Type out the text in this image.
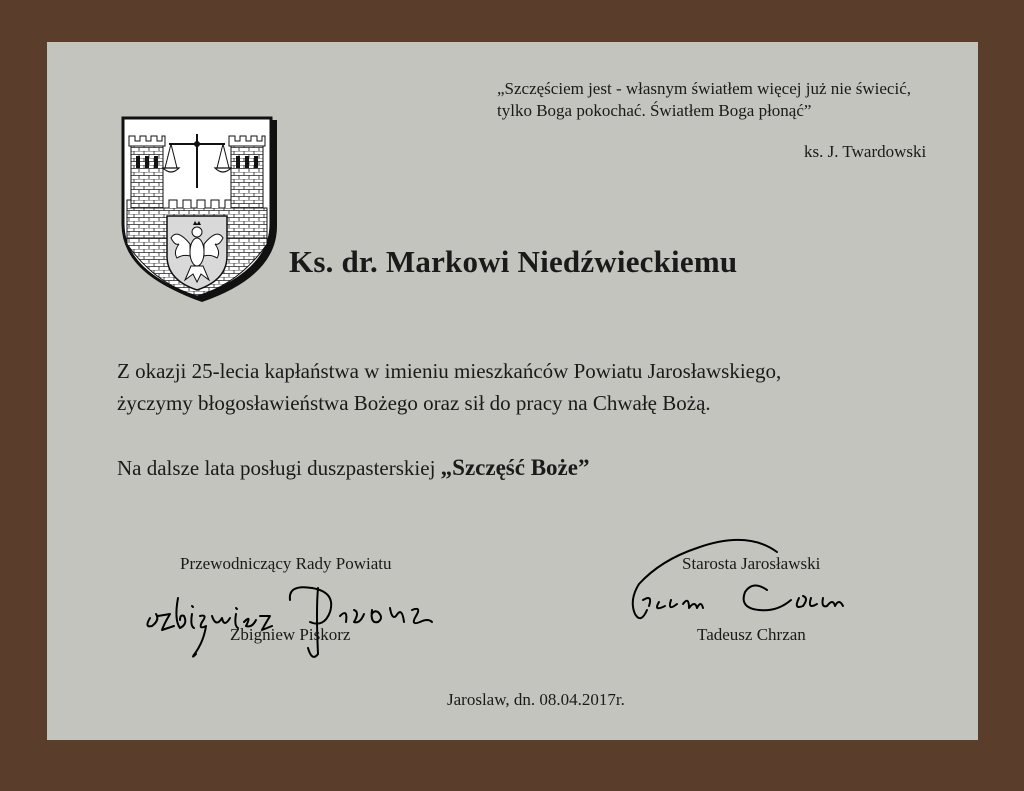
„Szczęściem jest - własnym światłem więcej już nie świecić,
tylko Boga pokochać. Światłem Boga płonąć”
ks. J. Twardowski
Ks. dr. Markowi Niedźwieckiemu
Z okazji 25-lecia kapłaństwa w imieniu mieszkańców Powiatu Jarosławskiego,
życzymy błogosławieństwa Bożego oraz sił do pracy na Chwałę Bożą.
Na dalsze lata posługi duszpasterskiej „Szczęść Boże”
Przewodniczący Rady Powiatu
Zbigniew Piskorz
Starosta Jarosławski
Tadeusz Chrzan
Jaroslaw, dn. 08.04.2017r.
